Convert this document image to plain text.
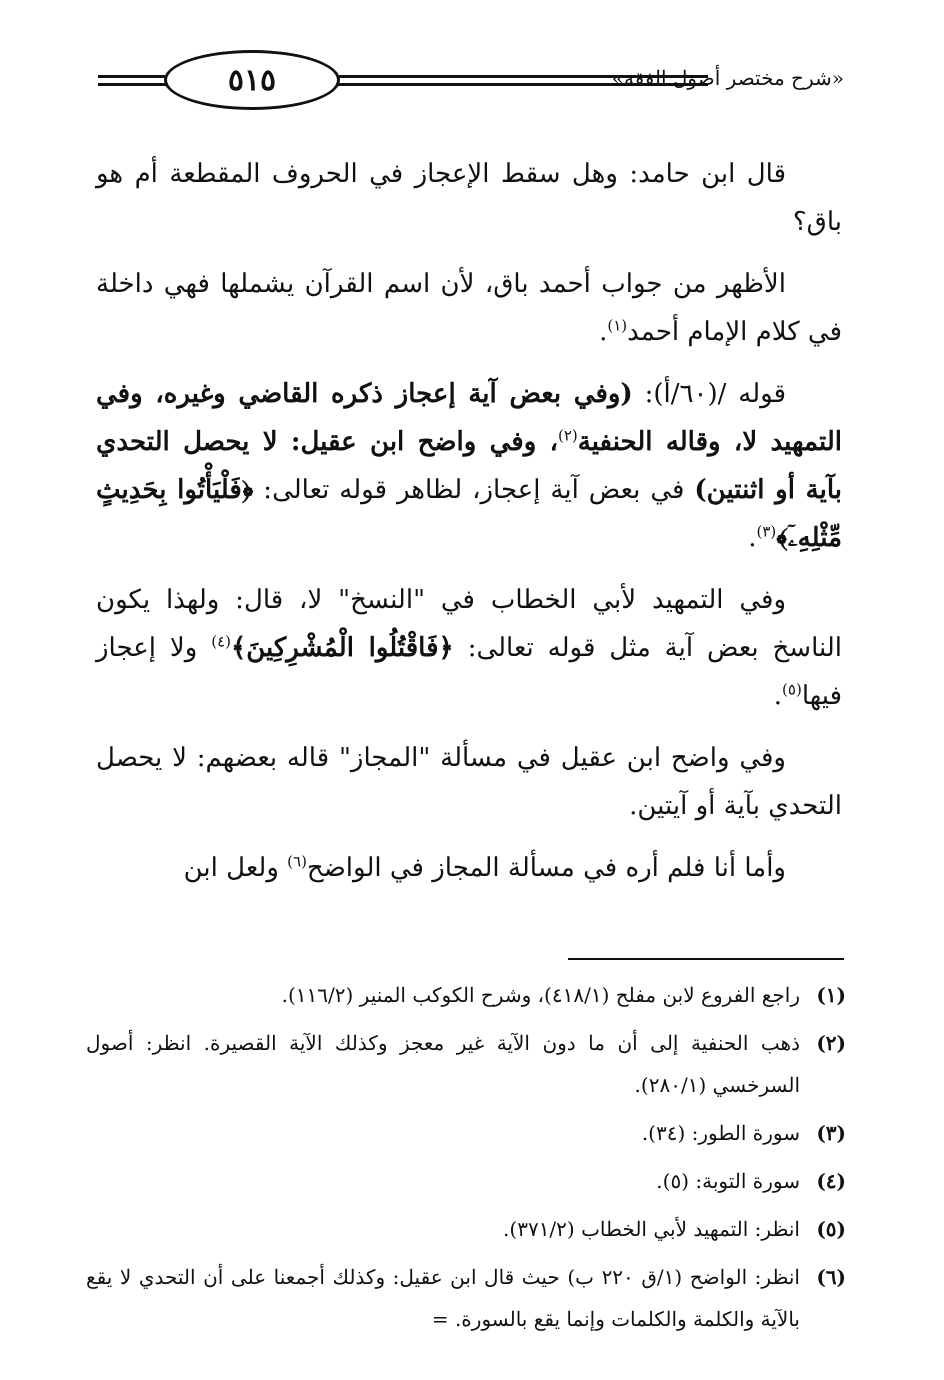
٥١٥	«شرح مختصر أصول الفقه»

قال ابن حامد: وهل سقط الإعجاز في الحروف المقطعة أم هو باق؟

الأظهر من جواب أحمد باق، لأن اسم القرآن يشملها فهي داخلة في كلام الإمام أحمد$^{(١)}$.

قوله /(٦٠/أ): (وفي بعض آية إعجاز ذكره القاضي وغيره، وفي التمهيد لا، وقاله الحنفية$^{(٢)}$، وفي واضح ابن عقيل: لا يحصل التحدي بآية أو اثنتين) في بعض آية إعجاز، لظاهر قوله تعالى: ﴿فَلْيَأْتُوا بِحَدِيثٍ مِّثْلِهِۦٓ﴾$^{(٣)}$.

وفي التمهيد لأبي الخطاب في "النسخ" لا، قال: ولهذا يكون الناسخ بعض آية مثل قوله تعالى: ﴿فَاقْتُلُوا الْمُشْرِكِينَ﴾$^{(٤)}$ ولا إعجاز فيها$^{(٥)}$.

وفي واضح ابن عقيل في مسألة "المجاز" قاله بعضهم: لا يحصل التحدي بآية أو آيتين.

وأما أنا فلم أره في مسألة المجاز في الواضح$^{(٦)}$ ولعل ابن

(١)
راجع الفروع لابن مفلح (٤١٨/١)، وشرح الكوكب المنير (١١٦/٢).
(٢)
ذهب الحنفية إلى أن ما دون الآية غير معجز وكذلك الآية القصيرة. انظر: أصول السرخسي (٢٨٠/١).
(٣)
سورة الطور: (٣٤).
(٤)
سورة التوبة: (٥).
(٥)
انظر: التمهيد لأبي الخطاب (٣٧١/٢).
(٦)
انظر: الواضح (١/ق ٢٢٠ ب) حيث قال ابن عقيل: وكذلك أجمعنا على أن التحدي لا يقع بالآية والكلمة والكلمات وإنما يقع بالسورة. =
